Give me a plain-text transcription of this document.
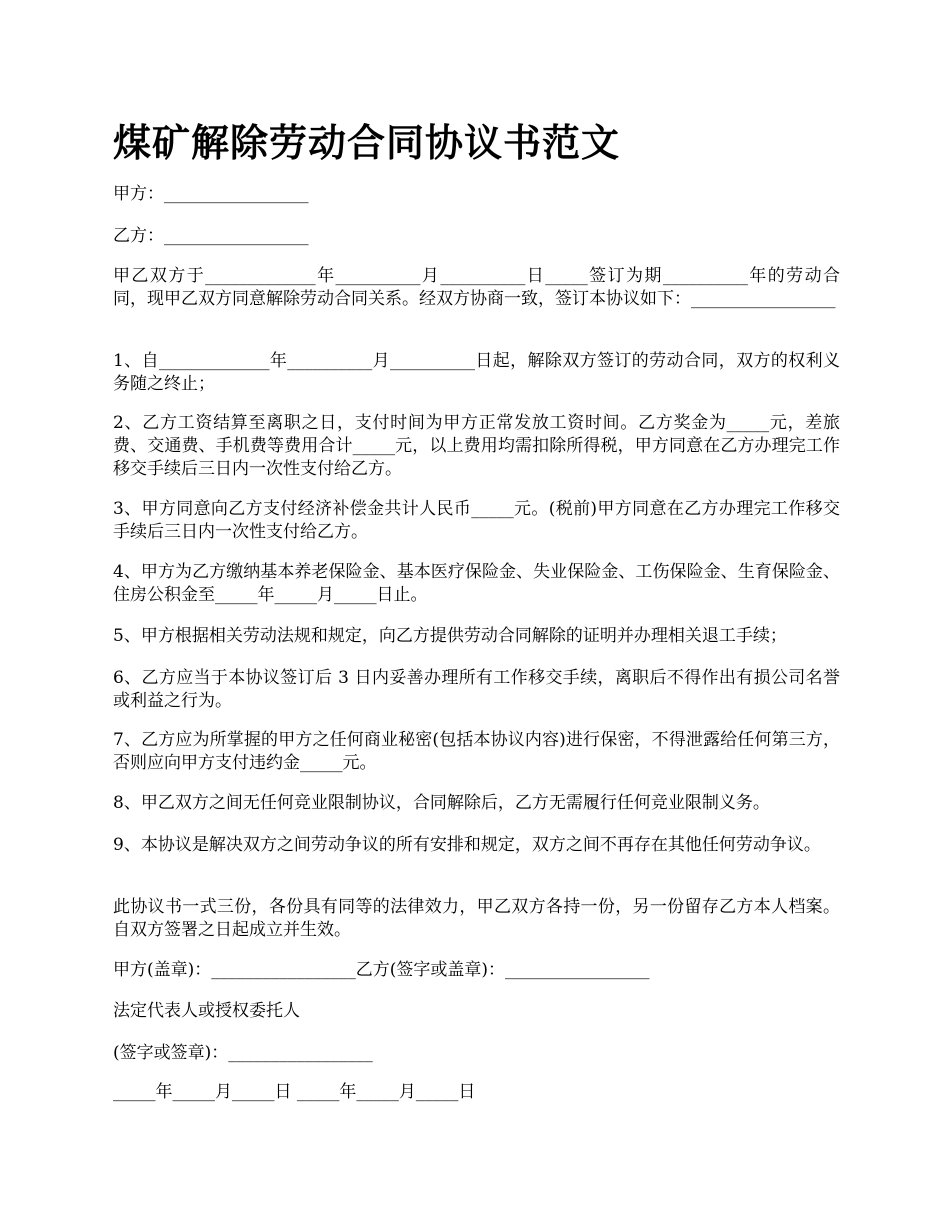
煤矿解除劳动合同协议书范文

甲方：_________________

乙方：_________________

甲乙双方于_____________年__________月__________日_____签订为期__________年的劳动合同，现甲乙双方同意解除劳动合同关系。经双方协商一致，签订本协议如下：_________________

1、自_____________年__________月__________日起，解除双方签订的劳动合同，双方的权利义务随之终止；

2、乙方工资结算至离职之日，支付时间为甲方正常发放工资时间。乙方奖金为_____元，差旅费、交通费、手机费等费用合计_____元，以上费用均需扣除所得税，甲方同意在乙方办理完工作移交手续后三日内一次性支付给乙方。

3、甲方同意向乙方支付经济补偿金共计人民币_____元。(税前)甲方同意在乙方办理完工作移交手续后三日内一次性支付给乙方。

4、甲方为乙方缴纳基本养老保险金、基本医疗保险金、失业保险金、工伤保险金、生育保险金、住房公积金至_____年_____月_____日止。

5、甲方根据相关劳动法规和规定，向乙方提供劳动合同解除的证明并办理相关退工手续；

6、乙方应当于本协议签订后 3 日内妥善办理所有工作移交手续，离职后不得作出有损公司名誉或利益之行为。

7、乙方应为所掌握的甲方之任何商业秘密(包括本协议内容)进行保密，不得泄露给任何第三方，否则应向甲方支付违约金_____元。

8、甲乙双方之间无任何竞业限制协议，合同解除后，乙方无需履行任何竞业限制义务。

9、本协议是解决双方之间劳动争议的所有安排和规定，双方之间不再存在其他任何劳动争议。

此协议书一式三份，各份具有同等的法律效力，甲乙双方各持一份，另一份留存乙方本人档案。自双方签署之日起成立并生效。

甲方(盖章)：_________________乙方(签字或盖章)：_________________

法定代表人或授权委托人

(签字或签章)：_________________

_____年_____月_____日 _____年_____月_____日
